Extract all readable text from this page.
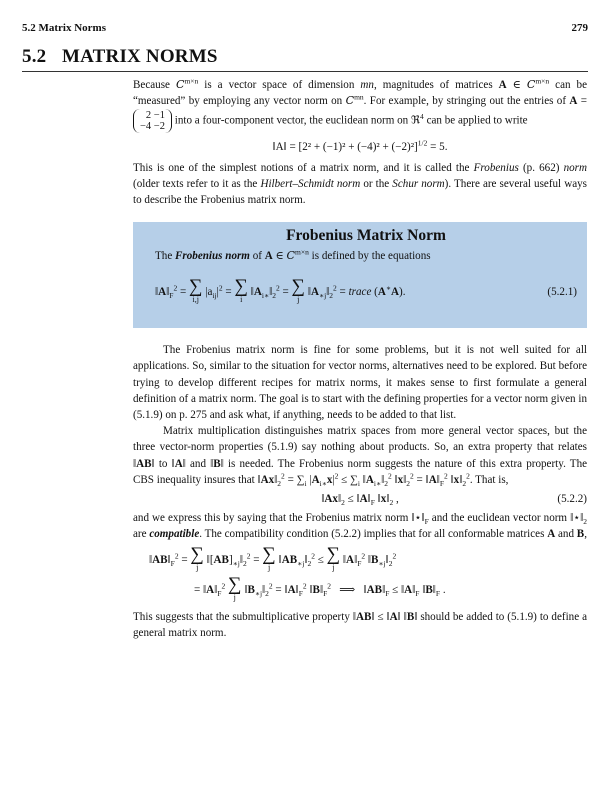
5.2 Matrix Norms	279
5.2 MATRIX NORMS

Because $C^{m\times n}$ is a vector space of dimension mn, magnitudes of matrices A ∈ $C^{m\times n}$ can be “measured” by employing any vector norm on $C^{mn}$. For example, by stringing out the entries of A =
2 −1
−4 −2 into a four-component vector, the euclidean norm on ℜ$^4$ can be applied to write

‖A‖ = $[2^2 + (-1)^2 + (-4)^2 + (-2)^2]^{1/2} = 5$.

This is one of the simplest notions of a matrix norm, and it is called the Frobenius (p. 662) norm (older texts refer to it as the Hilbert–Schmidt norm or the Schur norm). There are several useful ways to describe the Frobenius matrix norm.

Frobenius Matrix Norm
The Frobenius norm of A ∈ $C^{m\times n}$ is defined by the equations
$‖A‖_F^2$ = ∑
i,j
$|a_{ij}|^2$ = ∑
i
$‖A_{i∗}‖_2^2$ = ∑
j
$‖A_{∗j}‖_2^2$ = trace (A∗A).	(5.2.1)

The Frobenius matrix norm is fine for some problems, but it is not well suited for all applications. So, similar to the situation for vector norms, alternatives need to be explored. But before trying to develop different recipes for matrix norms, it makes sense to first formulate a general definition of a matrix norm. The goal is to start with the defining properties for a vector norm given in (5.1.9) on p. 275 and ask what, if anything, needs to be added to that list.

Matrix multiplication distinguishes matrix spaces from more general vector spaces, but the three vector-norm properties (5.1.9) say nothing about products. So, an extra property that relates ‖AB‖ to ‖A‖ and ‖B‖ is needed. The Frobenius norm suggests the nature of this extra property. The CBS inequality insures that $‖Ax‖_2^2 = \sum_i$ $|A_{i∗}x|^2 \le \sum_i$ $‖A_{i∗}‖_2^2$ $‖x‖_2^2$ = $‖A‖_F^2$ $‖x‖_2^2$. That is,

$‖Ax‖_2$ ≤ $‖A‖_F$ $‖x‖_2$ ,	(5.2.2)

and we express this by saying that the Frobenius matrix norm $‖⋆‖_F$ and the euclidean vector norm $‖⋆‖_2$ are compatible. The compatibility condition (5.2.2) implies that for all conformable matrices A and B,

$‖AB‖_F^2$ = ∑
j
$‖[AB]_{∗j}‖_2^2$ = ∑
j
$‖AB_{∗j}‖_2^2$ ≤ ∑
j
$‖A‖_F^2$ $‖B_{∗j}‖_2^2$
= $‖A‖_F^2$ ∑
j
$‖B_{∗j}‖_2^2$ = $‖A‖_F^2$ $‖B‖_F^2$   ⟹   $‖AB‖_F$ ≤ $‖A‖_F$ $‖B‖_F$ .

This suggests that the submultiplicative property ‖AB‖ ≤ ‖A‖ ‖B‖ should be added to (5.1.9) to define a general matrix norm.
